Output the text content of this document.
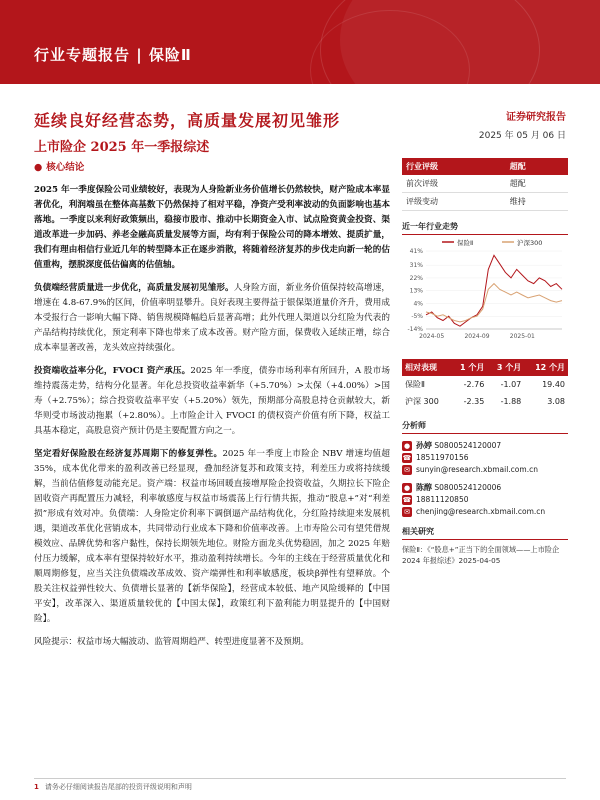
行业专题报告 | 保险Ⅱ
延续良好经营态势，高质量发展初见雏形
上市险企 2025 年一季报综述
证券研究报告
2025 年 05 月 06 日
● 核心结论

2025 年一季度保险公司业绩较好，表现为人身险新业务价值增长仍然较快，财产险成本率显著优化，利润端虽在整体高基数下仍然保持了相对平稳，净资产受利率波动的负面影响也基本落地。一季度以来利好政策频出，稳接市股市、推动中长期资金入市、试点险资黄金投资、渠道改革进一步加码、养老金融高质量发展等方面，均有利于保险公司的降本增效、提质扩量，我们有理由相信行业近几年的转型降本正在逐步消散，将随着经济复苏的步伐走向新一轮的估值重构，摆脱深度低估偏离的估值轴。

负债端经营质量进一步优化，高质量发展初见雏形。人身险方面，新业务价值保持较高增速，增速在 4.8-67.9%的区间，价值率明显攀升。良好表现主要得益于银保渠道量价齐升，费用成本受报行合一影响大幅下降、销售规模降幅趋后显著高增；此外代理人渠道以分红险为代表的产品结构持续优化，预定利率下降也带来了成本改善。财产险方面，保费收入延续正增，综合成本率显著改善，龙头效应持续强化。

投资端收益率分化，FVOCI 资产承压。2025 年一季度，债券市场利率有所回升，A 股市场维持震荡走势，结构分化显著。年化总投资收益率新华（+5.70%）>太保（+4.00%）>国寿（+2.75%）；综合投资收益率平安（+5.20%）领先，预期部分高股息持仓贡献较大，新华则受市场波动拖累（+2.80%）。上市险企计入 FVOCI 的债权资产价值有所下降，权益工具基本稳定，高股息资产预计仍是主要配置方向之一。

坚定看好保险股在经济复苏周期下的修复弹性。2025 年一季度上市险企 NBV 增速均值超 35%，成本优化带来的盈利改善已经显现，叠加经济复苏和政策支持，利差压力或将持续缓解，当前估值修复动能充足。资产端：权益市场回暖直接增厚险企投资收益，久期拉长下险企固收资产再配置压力减轻，利率敏感度与权益市场震荡上行行情共振，推动“股息+”对“利差损”形成有效对冲。负债端：人身险定价利率下调倒逼产品结构优化，分红险持续迎来发展机遇，渠道改革优化营销成本，共同带动行业成本下降和价值率改善。上市寿险公司有望凭借规模效应、品牌优势和客户黏性，保持长期领先地位。财险方面龙头优势稳固，加之 2025 年赔付压力缓解，成本率有望保持较好水平，推动盈利持续增长。今年的主线在于经营质量优化和顺周期修复，应当关注负债端改革成效、资产端弹性和利率敏感度，板块β弹性有望释放。个股关注权益弹性较大、负债增长显著的【新华保险】，经营成本较低、地产风险缓释的【中国平安】，改革深入、渠道质量较优的【中国太保】，政策红利下盈利能力明显提升的【中国财险】。

风险提示：权益市场大幅波动、监管周期趋严、转型进度显著不及预期。

行业评级	超配
前次评级	超配
评级变动	维持
近一年行业走势
保险Ⅱ	沪深300
41%
31%
22%
13%
4%
-5%
-14%
2024-05	2024-09	2025-01
相对表现	1 个月	3 个月	12 个月
保险Ⅱ	-2.76	-1.07	19.40
沪深 300	-2.35	-1.88	3.08
分析师
● 孙婷 S0800524120007
☎ 18511970156
✉ sunyin@research.xbmail.com.cn
● 陈醇 S0800524120006
☎ 18811120850
✉ chenjing@research.xbmail.com.cn
相关研究
保险Ⅱ：《“股息+”正当下的全面领域——上市险企 2024 年报综述》2025-04-05
1 请务必仔细阅读报告尾部的投资评级说明和声明
